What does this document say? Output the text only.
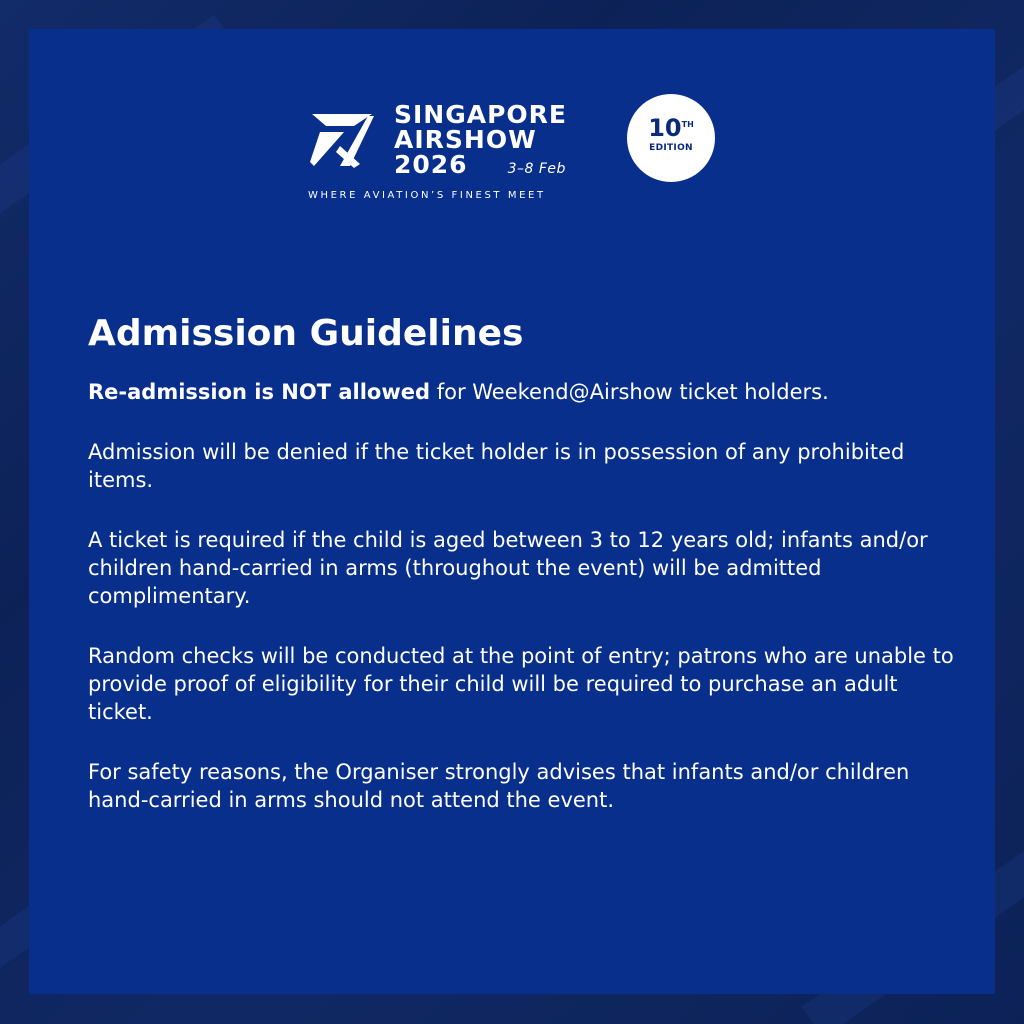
SINGAPORE
AIRSHOW
2026	3–8 Feb
WHERE AVIATION’S FINEST MEET
10TH
EDITION
Admission Guidelines

Re-admission is NOT allowed for Weekend@Airshow ticket holders.

Admission will be denied if the ticket holder is in possession of any prohibited items.

A ticket is required if the child is aged between 3 to 12 years old; infants and/or children hand-carried in arms (throughout the event) will be admitted complimentary.

Random checks will be conducted at the point of entry; patrons who are unable to provide proof of eligibility for their child will be required to purchase an adult ticket.

For safety reasons, the Organiser strongly advises that infants and/or children hand-carried in arms should not attend the event.
